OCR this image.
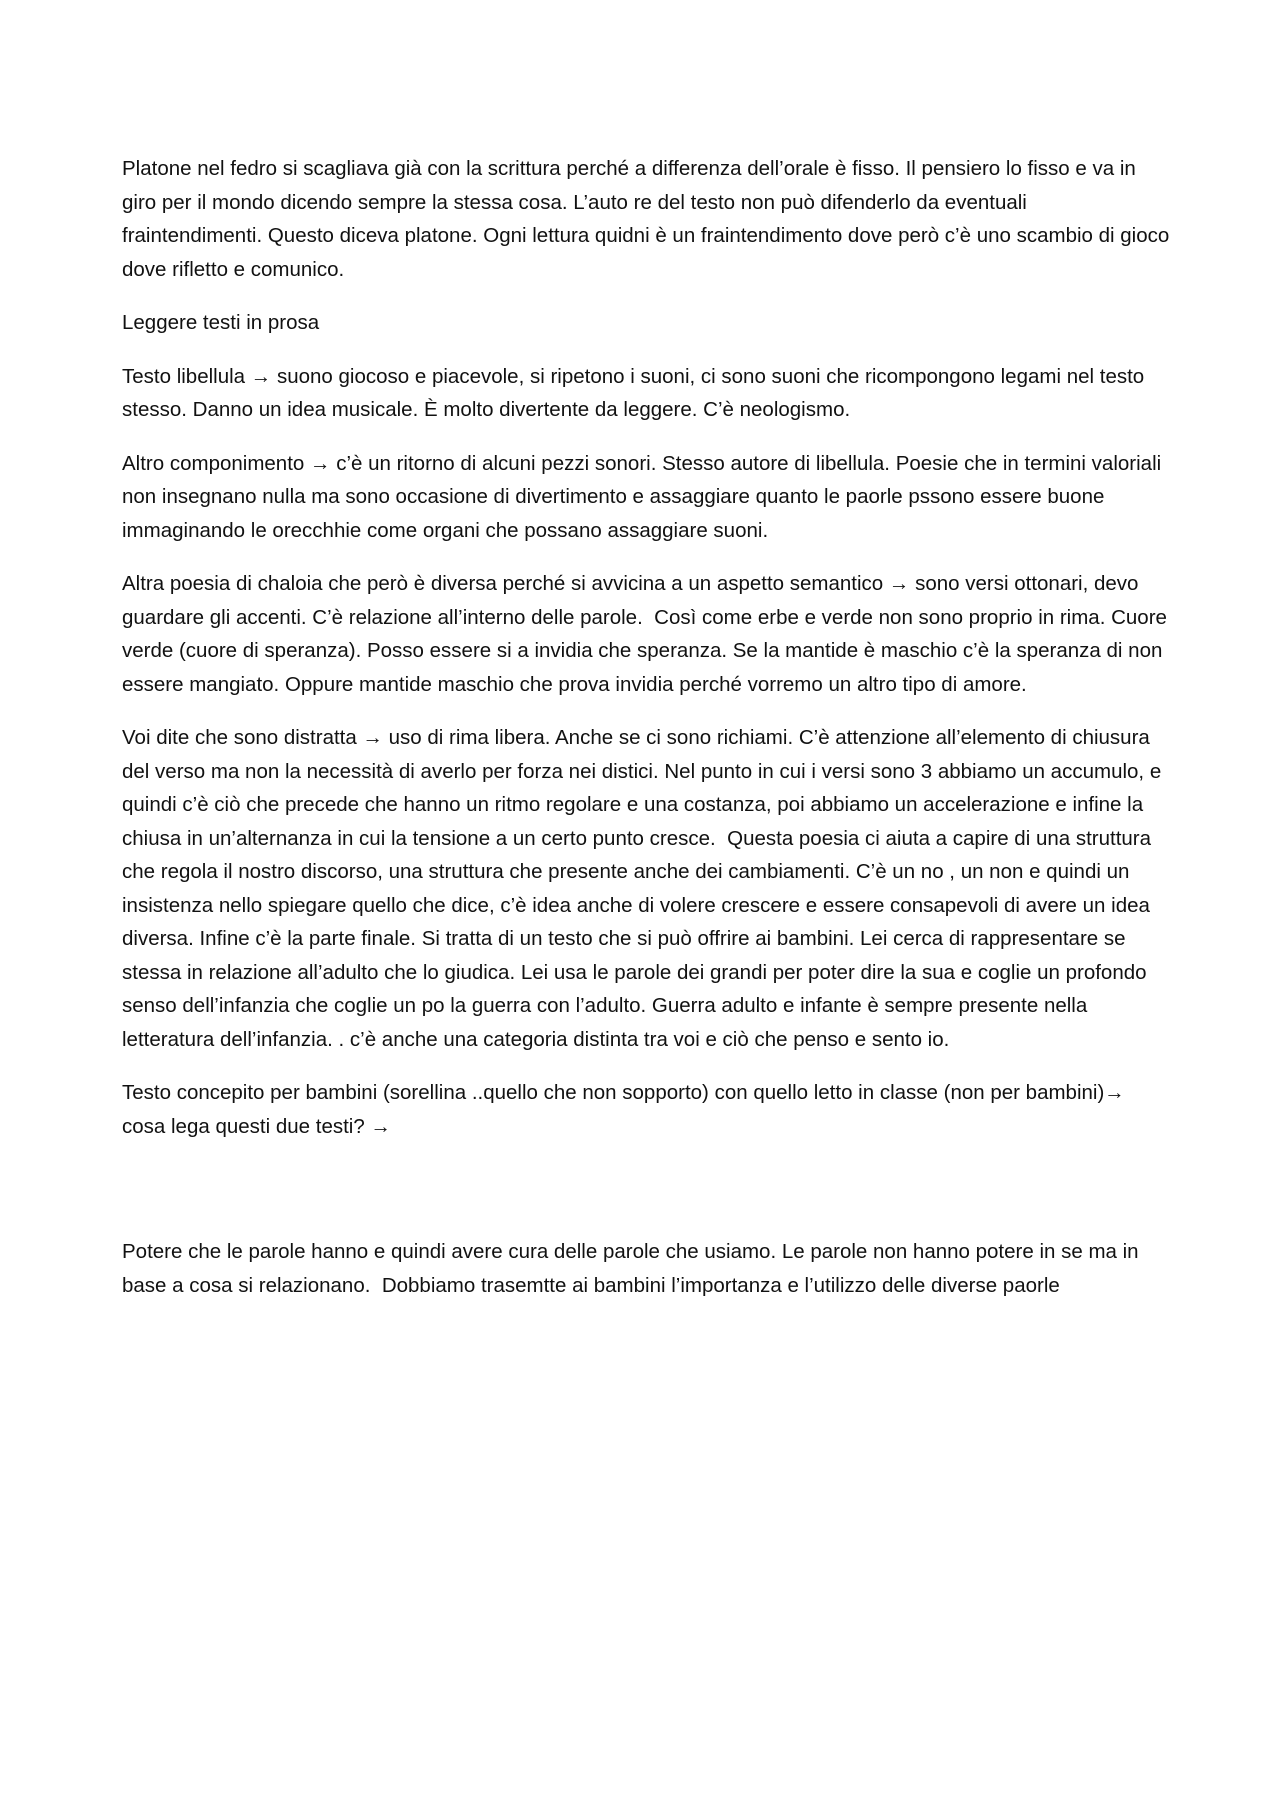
Platone nel fedro si scagliava già con la scrittura perché a differenza dell’orale è fisso. Il pensiero lo fisso e va in giro per il mondo dicendo sempre la stessa cosa. L’auto re del testo non può difenderlo da eventuali fraintendimenti. Questo diceva platone. Ogni lettura quidni è un fraintendimento dove però c’è uno scambio di gioco dove rifletto e comunico.

Leggere testi in prosa

Testo libellula → suono giocoso e piacevole, si ripetono i suoni, ci sono suoni che ricompongono legami nel testo stesso. Danno un idea musicale. È molto divertente da leggere. C’è neologismo.

Altro componimento → c’è un ritorno di alcuni pezzi sonori. Stesso autore di libellula. Poesie che in termini valoriali non insegnano nulla ma sono occasione di divertimento e assaggiare quanto le paorle pssono essere buone immaginando le orecchhie come organi che possano assaggiare suoni.

Altra poesia di chaloia che però è diversa perché si avvicina a un aspetto semantico → sono versi ottonari, devo guardare gli accenti. C’è relazione all’interno delle parole.  Così come erbe e verde non sono proprio in rima. Cuore verde (cuore di speranza). Posso essere si a invidia che speranza. Se la mantide è maschio c’è la speranza di non essere mangiato. Oppure mantide maschio che prova invidia perché vorremo un altro tipo di amore.

Voi dite che sono distratta → uso di rima libera. Anche se ci sono richiami. C’è attenzione all’elemento di chiusura del verso ma non la necessità di averlo per forza nei distici. Nel punto in cui i versi sono 3 abbiamo un accumulo, e quindi c’è ciò che precede che hanno un ritmo regolare e una costanza, poi abbiamo un accelerazione e infine la chiusa in un’alternanza in cui la tensione a un certo punto cresce.  Questa poesia ci aiuta a capire di una struttura che regola il nostro discorso, una struttura che presente anche dei cambiamenti. C’è un no , un non e quindi un insistenza nello spiegare quello che dice, c’è idea anche di volere crescere e essere consapevoli di avere un idea diversa. Infine c’è la parte finale. Si tratta di un testo che si può offrire ai bambini. Lei cerca di rappresentare se stessa in relazione all’adulto che lo giudica. Lei usa le parole dei grandi per poter dire la sua e coglie un profondo senso dell’infanzia che coglie un po la guerra con l’adulto. Guerra adulto e infante è sempre presente nella letteratura dell’infanzia. . c’è anche una categoria distinta tra voi e ciò che penso e sento io.

Testo concepito per bambini (sorellina ..quello che non sopporto) con quello letto in classe (non per bambini)→ cosa lega questi due testi? →

Potere che le parole hanno e quindi avere cura delle parole che usiamo. Le parole non hanno potere in se ma in base a cosa si relazionano.  Dobbiamo trasemtte ai bambini l’importanza e l’utilizzo delle diverse paorle
